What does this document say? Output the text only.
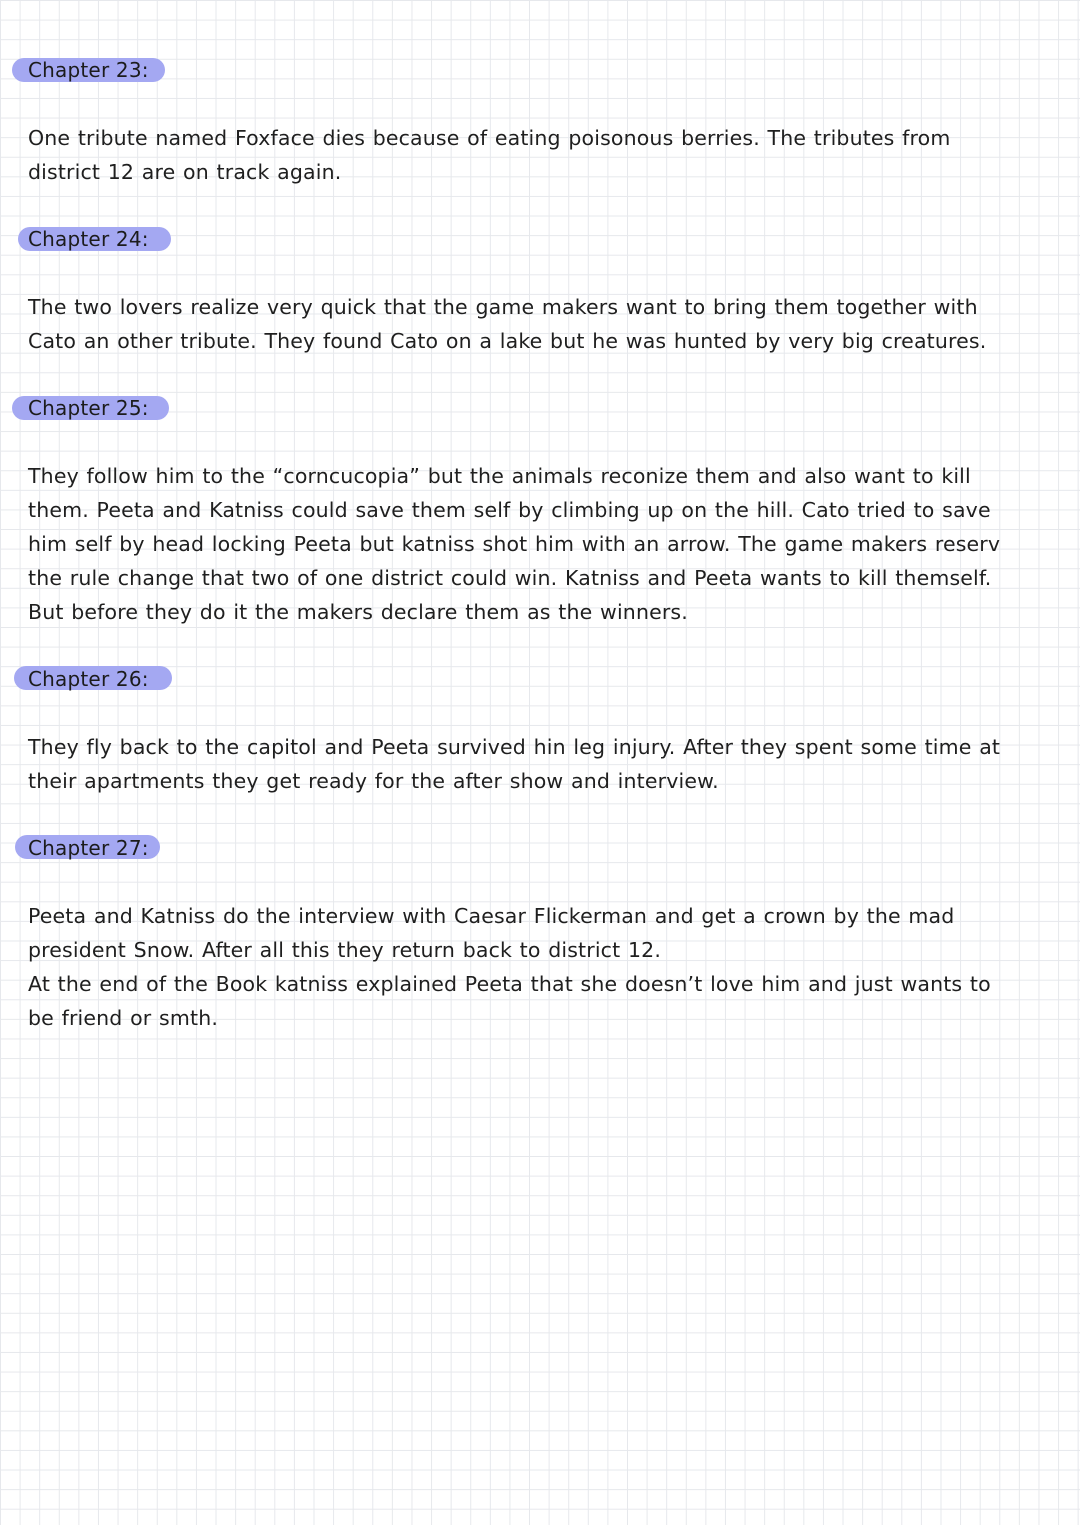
Chapter 23:
One tribute named Foxface dies because of eating poisonous berries. The tributes from
district 12 are on track again.
Chapter 24:
The two lovers realize very quick that the game makers want to bring them together with
Cato an other tribute. They found Cato on a lake but he was hunted by very big creatures.
Chapter 25:
They follow him to the “corncucopia” but the animals reconize them and also want to kill
them. Peeta and Katniss could save them self by climbing up on the hill. Cato tried to save
him self by head locking Peeta but katniss shot him with an arrow. The game makers reserv
the rule change that two of one district could win. Katniss and Peeta wants to kill themself.
But before they do it the makers declare them as the winners.
Chapter 26:
They fly back to the capitol and Peeta survived hin leg injury. After they spent some time at
their apartments they get ready for the after show and interview.
Chapter 27:
Peeta and Katniss do the interview with Caesar Flickerman and get a crown by the mad
president Snow. After all this they return back to district 12.
At the end of the Book katniss explained Peeta that she doesn’t love him and just wants to
be friend or smth.
